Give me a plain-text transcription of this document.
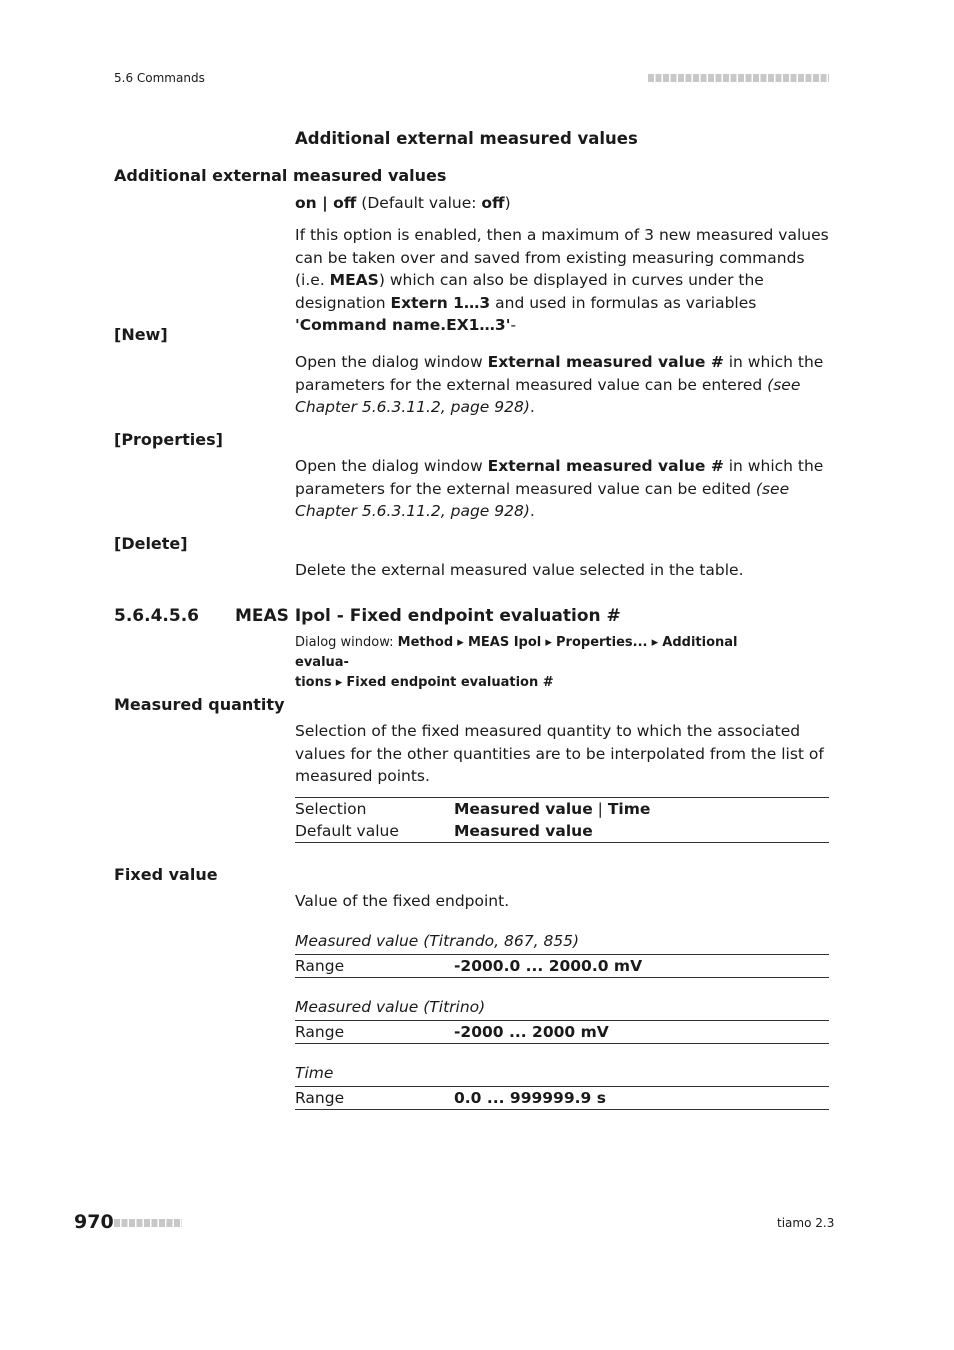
5.6 Commands
Additional external measured values
Additional external measured values
on | off (Default value: off)
If this option is enabled, then a maximum of 3 new measured values can be taken over and saved from existing measuring commands (i.e. MEAS) which can also be displayed in curves under the designation Extern 1…3 and used in formulas as variables 'Command name.EX1…3'-
[New]
Open the dialog window External measured value # in which the parameters for the external measured value can be entered (see Chapter 5.6.3.11.2, page 928).
[Properties]
Open the dialog window External measured value # in which the parameters for the external measured value can be edited (see Chapter 5.6.3.11.2, page 928).
[Delete]
Delete the external measured value selected in the table.
5.6.4.5.6 MEAS Ipol - Fixed endpoint evaluation #
Dialog window: Method ▸ MEAS Ipol ▸ Properties... ▸ Additional evalua-
tions ▸ Fixed endpoint evaluation #
Measured quantity
Selection of the fixed measured quantity to which the associated values for the other quantities are to be interpolated from the list of measured points.
Selection	Measured value | Time
Default value	Measured value
Fixed value
Value of the fixed endpoint.
Measured value (Titrando, 867, 855)
Range	-2000.0 ... 2000.0 mV
Measured value (Titrino)
Range	-2000 ... 2000 mV
Time
Range	0.0 ... 999999.9 s
970	tiamo 2.3
